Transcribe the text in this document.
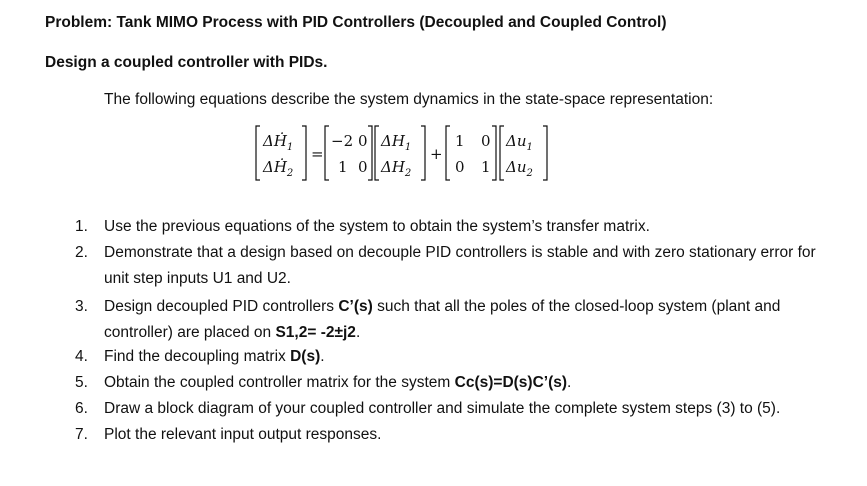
Problem: Tank MIMO Process with PID Controllers (Decoupled and Coupled Control)
Design a coupled controller with PIDs.
The following equations describe the system dynamics in the state-space representation:
ΔḢ$_1$
ΔḢ$_2$
=
−2 0
1 0
$\Delta H_1$
$\Delta H_2$
+
1 0
0 1
$\Delta u_1$
$\Delta u_2$
1. Use the previous equations of the system to obtain the system’s transfer matrix.
2. Demonstrate that a design based on decouple PID controllers is stable and with zero stationary error for unit step inputs U1 and U2.
3. Design decoupled PID controllers C’(s) such that all the poles of the closed-loop system (plant and controller) are placed on S1,2= -2±j2.
4. Find the decoupling matrix D(s).
5. Obtain the coupled controller matrix for the system Cc(s)=D(s)C’(s).
6. Draw a block diagram of your coupled controller and simulate the complete system steps (3) to (5).
7. Plot the relevant input output responses.
